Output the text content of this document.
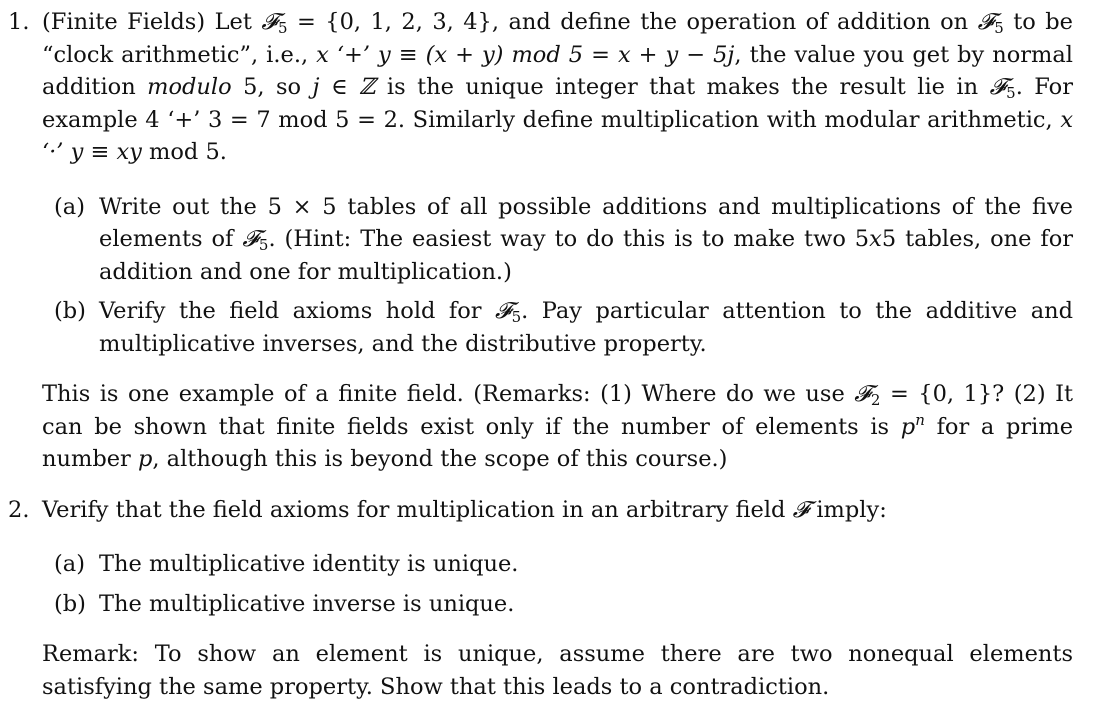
1. (Finite Fields) Let 𝓕$_5$ = {0, 1, 2, 3, 4}, and define the operation of addition on 𝓕$_5$ to be “clock arithmetic”, i.e., x ‘+’ y ≡ (x + y) mod 5 = x + y − 5j, the value you get by normal addition modulo 5, so j ∈ ℤ is the unique integer that makes the result lie in 𝓕$_5$. For example 4 ‘+’ 3 = 7 mod 5 = 2. Similarly define multiplication with modular arithmetic, x ‘·’ y ≡ xy mod 5.
(a) Write out the 5 × 5 tables of all possible additions and multiplications of the five elements of 𝓕$_5$. (Hint: The easiest way to do this is to make two 5x5 tables, one for addition and one for multiplication.)
(b) Verify the field axioms hold for 𝓕$_5$. Pay particular attention to the additive and multiplicative inverses, and the distributive property.
This is one example of a finite field. (Remarks: (1) Where do we use 𝓕$_2$ = {0, 1}? (2) It can be shown that finite fields exist only if the number of elements is $p^n$ for a prime number p, although this is beyond the scope of this course.)
2. Verify that the field axioms for multiplication in an arbitrary field 𝓕 imply:
(a) The multiplicative identity is unique.
(b) The multiplicative inverse is unique.
Remark: To show an element is unique, assume there are two nonequal elements satisfying the same property. Show that this leads to a contradiction.
